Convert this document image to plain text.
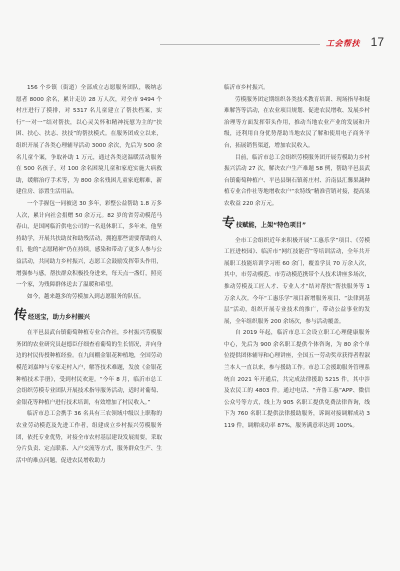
工会帮扶 17

156 个乡镇（街道）全部成立志愿服务团队，吸纳志愿者 8000 余名，累计走访 28 万人次，对全市 9494 个村庄进行了摸排，对 5317 名儿童建立了帮扶档案，实行“一对一”结对帮扶，以心灵关怀和精神抚慰为主的“扶困、扶心、扶志、扶技”的帮扶模式。在服务团成立以来，组织开展了各类心理辅导活动 3000 余次，先后为 500 余名儿童个案，争取补助 1 万元，通过各类送温暖活动服务在 500 名孩子，对 100 余名困境儿童和家庭实施大病救助，缓解治疗手术等，为 800 余名残困儿童家庭解难，新建住房、添置生活用品。

一个手握包一同被送 30 多年，彩整公益帮助 1.8 万多人次，累计向社会捐赠 50 余万元。82 岁的省劳动模范马春山，是国网临沂供电公司的一名退休职工，多年来，他坚持助学，开展共扶助贫和助残活动，拥抱那些需要帮助的人们，他的“志愿精神”仍在持续，感染和带动了更多人参与公益活动，共同助力乡村振兴，志愿工会鼓励发挥带头作用，增强参与感，帮扶群众积极投身进来，每天点一盏灯，照亮一个家，为残障群体送去了温暖和希望。

如今，越来越多的劳模加入到志愿服务的队伍。

传 经送宝，助力乡村振兴

在平邑县武台镇葡萄种植专业合作社，乡村振兴劳模服务团的农业研究员赵德臣仔细查看葡萄的生长情况，并向身边的村民传授种植经验。在九间棚金银花种植地，全国劳动模范刘嘉坤与专家走村入户，解答技术难题，发放《金银花种植技术手册》，受到村民欢迎。“今年 8 月，临沂市总工会组织劳模专业团队开展技术指导服务活动，适时对葡萄、金银花等种植户进行技术培训，有效增加了村民收入。”

临沂市总工会携手 36 名具有三农领域中级以上职称的农业劳动模范及先进工作者，组建成立乡村振兴劳模服务团，依托专业优势，对接全市农村基层建设发展需要，采取分片负责、定点联系、入户交流等方式，服务群众生产、生活中的难点问题，促进农民增收助力

临沂市乡村振兴。

劳模服务团定期组织各类技术教育培训、现场指导和疑难解答等活动，在农业项目规划、促进农民增收、发展乡村治理等方面发挥带头作用，推动当地农业产业的发展和升级，还利用自身优势帮助当地农民了解和使用电子商务平台，拓展销售渠道，增加农民收入。

目前，临沂市总工会组织劳模服务团开展劳模助力乡村振兴活动 27 次，解决农户生产难题 58 例，帮助平邑县武台镇葡萄种植户、平邑县铜石镇蒋庄村、沂南县汇馨果蔬种植专业合作社等地增收农户“农特线”精准营销对接，提高果农收益 220 余万元。

专 技赋能，上架“特色项目”

全市工会组织近年来积极开展“工惠乐学”项目、《劳模工匠进校园》、临沂市“网红技能营”等培训活动，全年共开展职工技能培训学习班 60 余门，覆盖学员 70 万余人次，其中，市劳动模范、市劳动模范携带个人技术讲座多场次，推动劳模及工匠人才、专业人才“结对帮扶”帮扶服务等 1 万余人次。今年“工惠乐学”项目新增服务项目、“法律到基层”活动，组织开展专业技术的推广，带动公益事业的发展，全年组织服务 200 余场次，参与活动覆盖。

自 2019 年起，临沂市总工会设立职工心理健康服务中心，先后为 900 余名职工提供个体咨询，为 80 余个单位提供团体辅导和心理讲座，全国五一劳动奖章获得者程淑兰本人一直以来，参与援助工作。市总工会援助服务管理系统自 2021 年开通后，共完成法律援助 5215 件，其中涉及农民工的 4803 件。通过电话、“齐鲁工惠”APP、微信公众号等方式，线上为 905 名职工提供免费法律咨询，线下为 760 名职工提供法律援助服务，诉调对接调解成功 3119 件，调解成功率 87%，服务满意率达到 100%。
